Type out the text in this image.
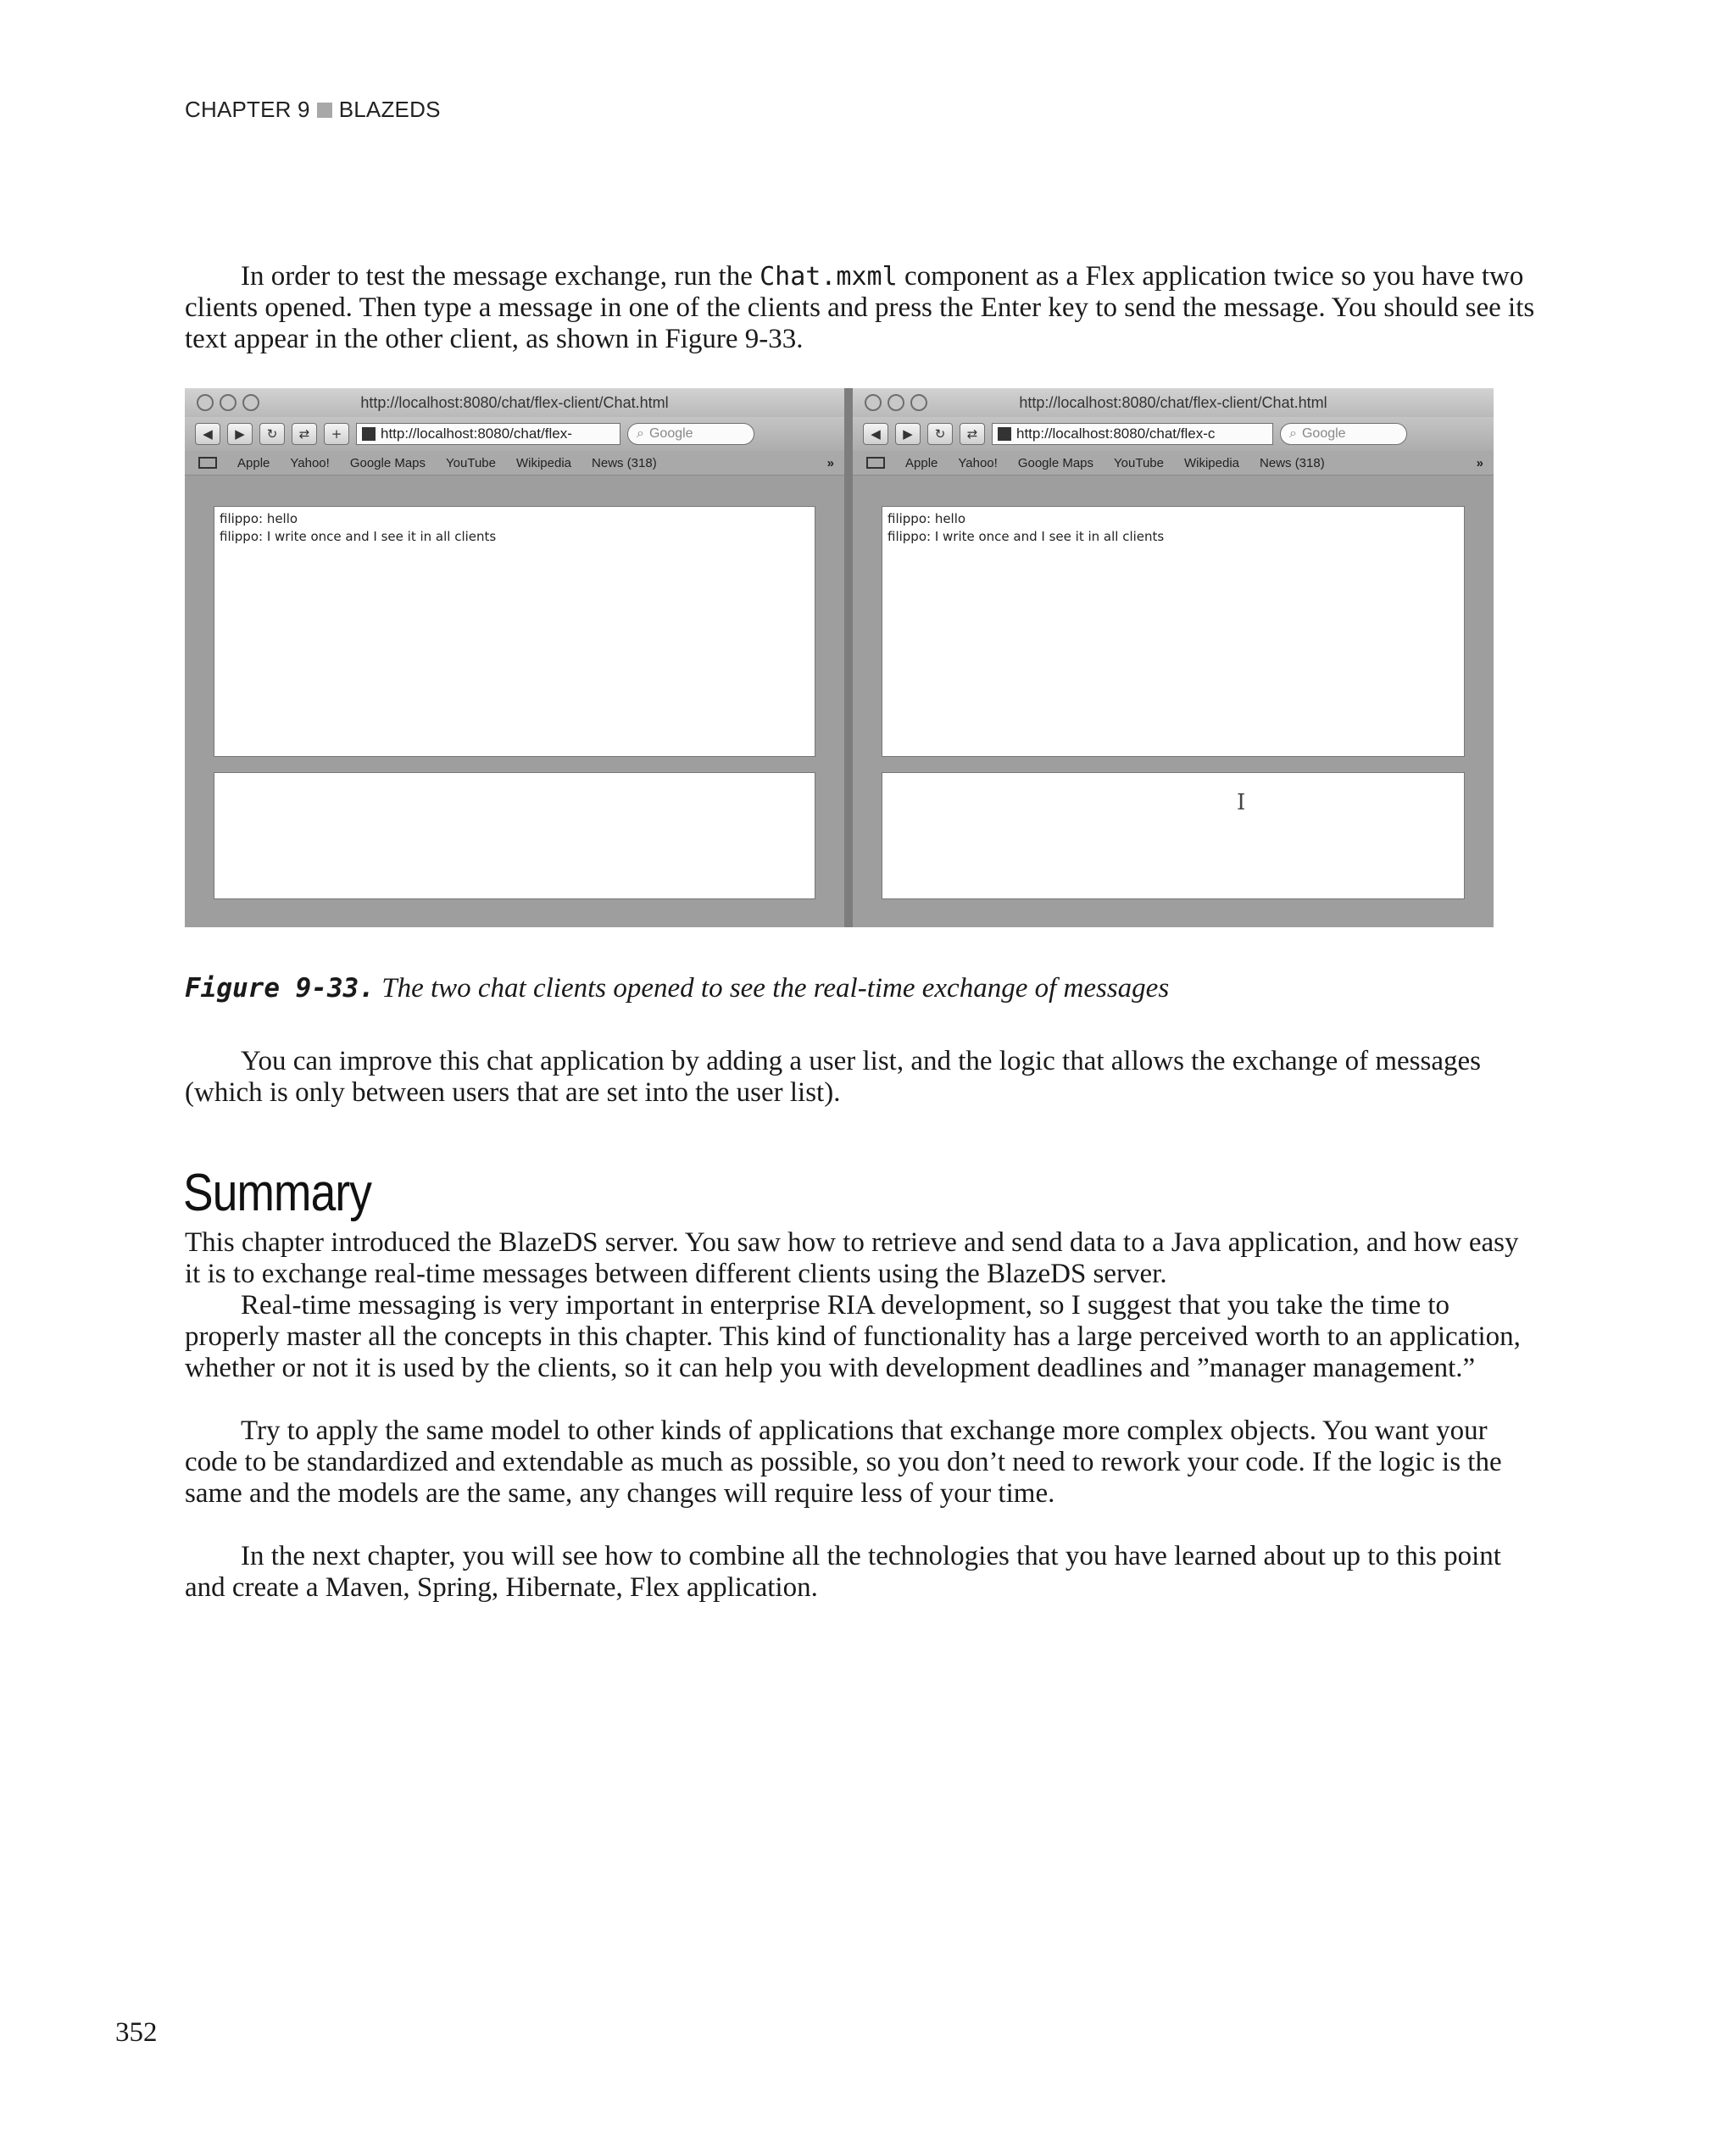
CHAPTER 9 BLAZEDS

In order to test the message exchange, run the Chat.mxml component as a Flex application twice so you have two clients opened. Then type a message in one of the clients and press the Enter key to send the message. You should see its text appear in the other client, as shown in Figure 9-33.

http://localhost:8080/chat/flex-client/Chat.html
◀ ▶ ↻ ⇄ +	http://localhost:8080/chat/flex-	⌕ Google
Apple Yahoo! Google Maps YouTube Wikipedia News (318)	»
filippo: hello
filippo: I write once and I see it in all clients
http://localhost:8080/chat/flex-client/Chat.html
◀ ▶ ↻ ⇄	http://localhost:8080/chat/flex-c	⌕ Google
Apple Yahoo! Google Maps YouTube Wikipedia News (318)	»
filippo: hello
filippo: I write once and I see it in all clients
I
Figure 9-33. The two chat clients opened to see the real-time exchange of messages

You can improve this chat application by adding a user list, and the logic that allows the exchange of messages (which is only between users that are set into the user list).

Summary

This chapter introduced the BlazeDS server. You saw how to retrieve and send data to a Java application, and how easy it is to exchange real-time messages between different clients using the BlazeDS server.

Real-time messaging is very important in enterprise RIA development, so I suggest that you take the time to properly master all the concepts in this chapter. This kind of functionality has a large perceived worth to an application, whether or not it is used by the clients, so it can help you with development deadlines and ”manager management.”

Try to apply the same model to other kinds of applications that exchange more complex objects. You want your code to be standardized and extendable as much as possible, so you don’t need to rework your code. If the logic is the same and the models are the same, any changes will require less of your time.

In the next chapter, you will see how to combine all the technologies that you have learned about up to this point and create a Maven, Spring, Hibernate, Flex application.

352
